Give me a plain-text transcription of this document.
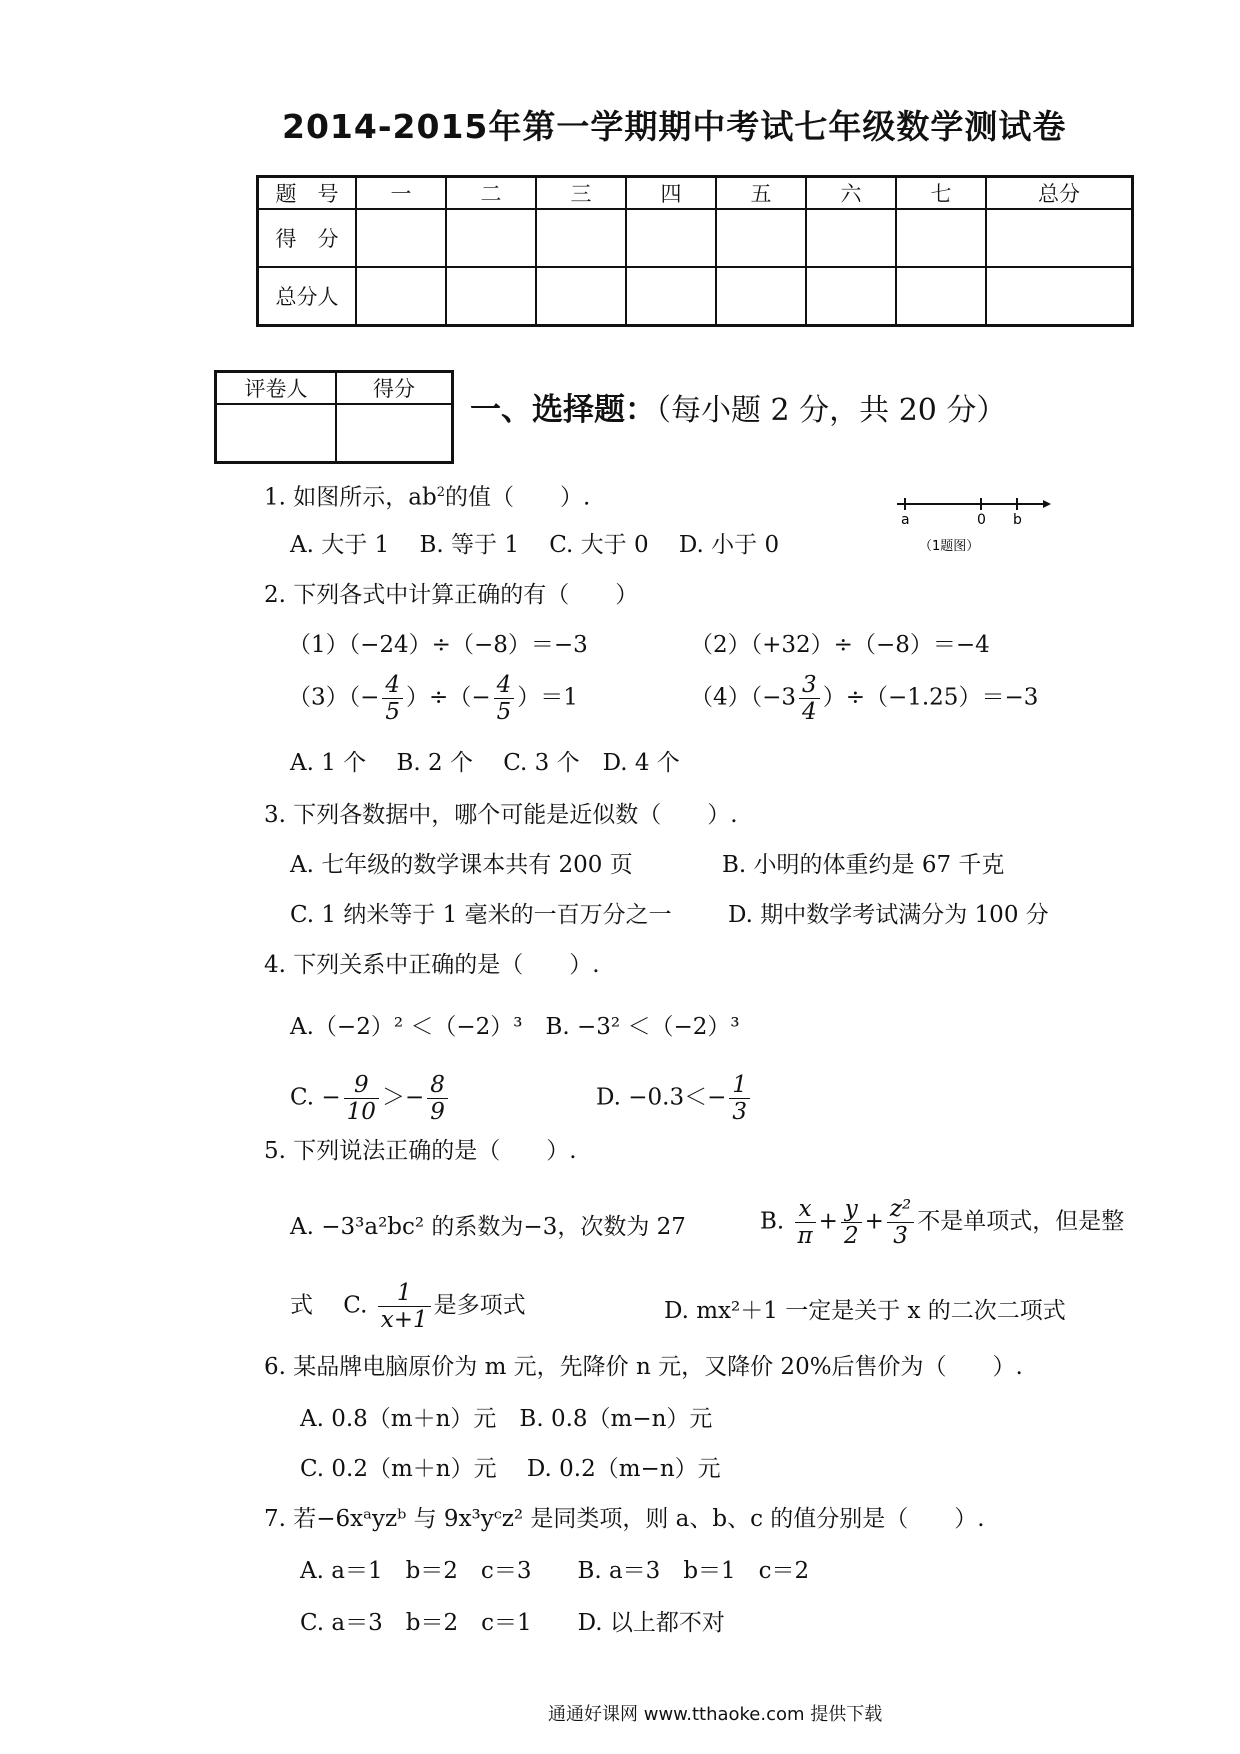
2014-2015年第一学期期中考试七年级数学测试卷
题　号	一	二	三	四	五	六	七	总分
得　分								
总分人								
评卷人	得分

一、选择题：（每小题 2 分，共 20 分）
1. 如图所示，$ab^2$的值（　　）.
A. 大于 1　 B. 等于 1　 C. 大于 0　 D. 小于 0
a	0 b
（1题图）
2. 下列各式中计算正确的有（　　）
（1）（−24）÷（−8）＝−3	（2）（+32）÷（−8）＝−4
$(3)(- \frac{4}{5}$ ）÷（− $\frac{4}{5} )=1$	$(4)(-3 \frac{3}{4} )\div(-1.25)=-3$
A. 1 个　 B. 2 个　 C. 3 个　D. 4 个
3. 下列各数据中，哪个可能是近似数（　　）.
A. 七年级的数学课本共有 200 页	B. 小明的体重约是 67 千克
C. 1 纳米等于 1 毫米的一百万分之一 D. 期中数学考试满分为 100 分
4. 下列关系中正确的是（　　）.
A.（−2）² ＜（−2）³　B. −3² ＜（−2）³
C. − $\frac{9}{10} >- \frac{8}{9}$	D. $-0.3<- \frac{1}{3}$
5. 下列说法正确的是（　　）.
A. −3³a²bc² 的系数为−3，次数为 27	B. $\frac{x}{\pi} + \frac{y}{2} + \frac{\text{z²}}{3}$ 不是单项式，但是整
式　 C. $\frac{1}{x+1}$ 是多项式	D. mx²＋1 一定是关于 x 的二次二项式
6. 某品牌电脑原价为 m 元，先降价 n 元，又降价 20%后售价为（　　）.
A. 0.8（m＋n）元　B. 0.8（m−n）元
C. 0.2（m＋n）元　 D. 0.2（m−n）元
7. 若−6xᵃyzᵇ 与 9x³yᶜz² 是同类项，则 a、b、c 的值分别是（　　）.
A. a＝1　b＝2　c＝3　　B. a＝3　b＝1　c＝2
C. a＝3　b＝2　c＝1　　D. 以上都不对
通通好课网 www.tthaoke.com 提供下载
